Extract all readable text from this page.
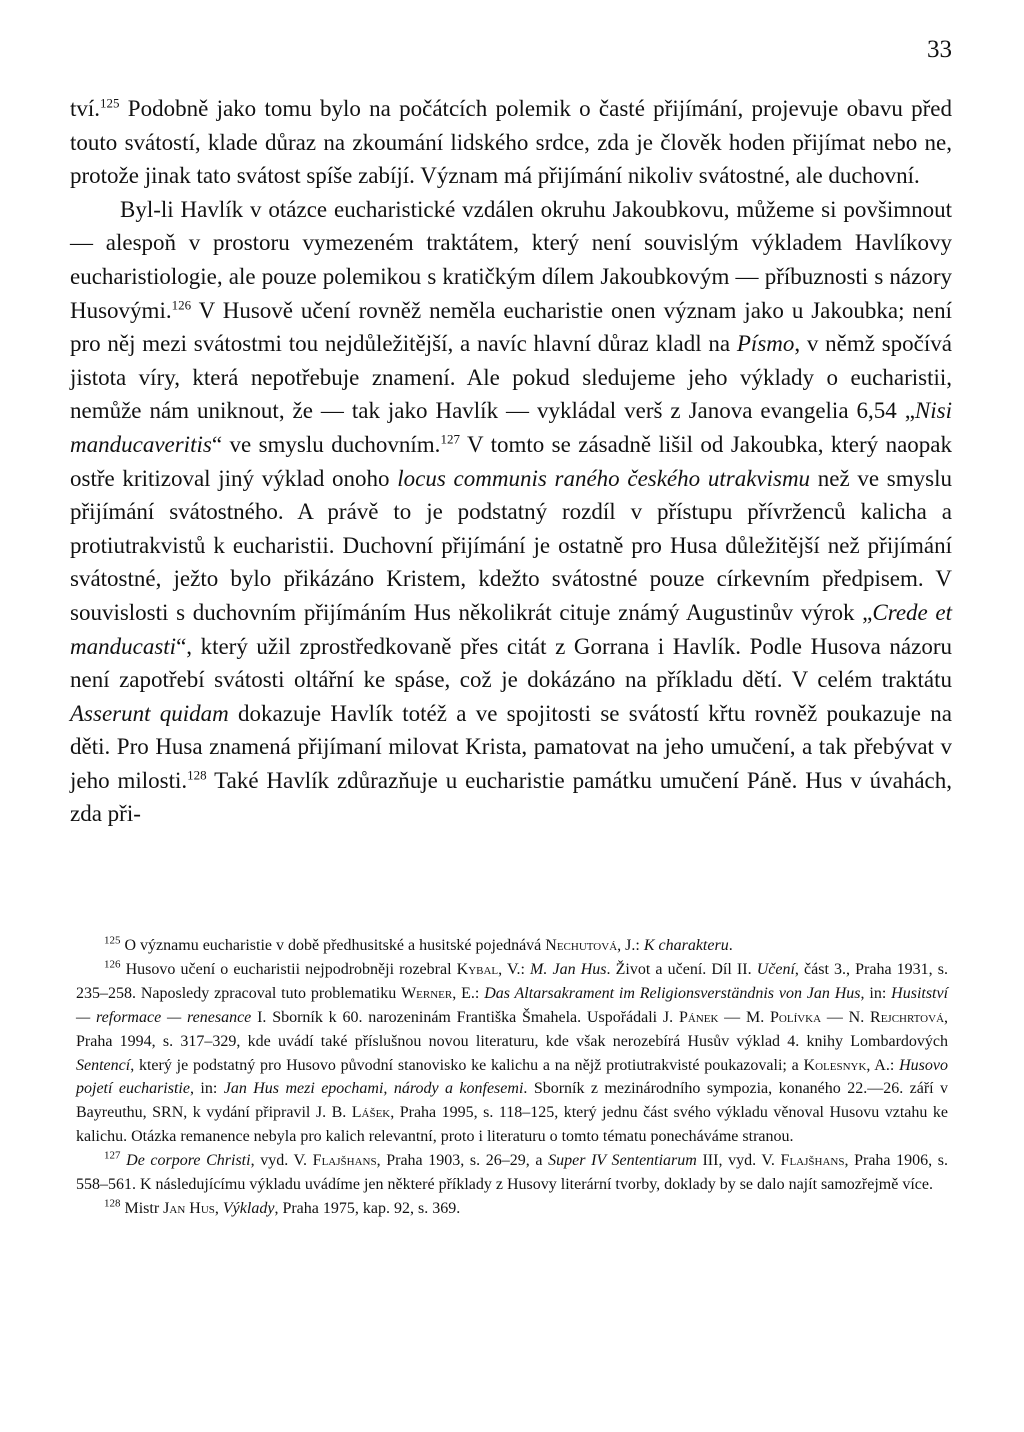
33

tví.$^{125}$ Podobně jako tomu bylo na počátcích polemik o časté přijímání, projevuje obavu před touto svátostí, klade důraz na zkoumání lidského srdce, zda je člověk hoden přijímat nebo ne, protože jinak tato svátost spíše zabíjí. Význam má přijímání nikoliv svátostné, ale duchovní.

Byl-li Havlík v otázce eucharistické vzdálen okruhu Jakoubkovu, můžeme si povšimnout — alespoň v prostoru vymezeném traktátem, který není souvislým výkladem Havlíkovy eucharistiologie, ale pouze polemikou s kratičkým dílem Jakoubkovým — příbuznosti s názory Husovými.$^{126}$ V Husově učení rovněž neměla eucharistie onen význam jako u Jakoubka; není pro něj mezi svátostmi tou nejdůležitější, a navíc hlavní důraz kladl na Písmo, v němž spočívá jistota víry, která nepotřebuje znamení. Ale pokud sledujeme jeho výklady o eucharistii, nemůže nám uniknout, že — tak jako Havlík — vykládal verš z Janova evangelia 6,54 „Nisi manducaveritis“ ve smyslu duchovním.$^{127}$ V tomto se zásadně lišil od Jakoubka, který naopak ostře kritizoval jiný výklad onoho locus communis raného českého utrakvismu než ve smyslu přijímání svátostného. A právě to je podstatný rozdíl v přístupu přívrženců kalicha a protiutrakvistů k eucharistii. Duchovní přijímání je ostatně pro Husa důležitější než přijímání svátostné, ježto bylo přikázáno Kristem, kdežto svátostné pouze církevním předpisem. V souvislosti s duchovním přijímáním Hus několikrát cituje známý Augustinův výrok „Crede et manducasti“, který užil zprostředkovaně přes citát z Gorrana i Havlík. Podle Husova názoru není zapotřebí svátosti oltářní ke spáse, což je dokázáno na příkladu dětí. V celém traktátu Asserunt quidam dokazuje Havlík totéž a ve spojitosti se svátostí křtu rovněž poukazuje na děti. Pro Husa znamená přijímaní milovat Krista, pamatovat na jeho umučení, a tak přebývat v jeho milosti.$^{128}$ Také Havlík zdůrazňuje u eucharistie památku umučení Páně. Hus v úvahách, zda při-

$^{125}$ O významu eucharistie v době předhusitské a husitské pojednává Nechutová, J.: K charakteru.

$^{126}$ Husovo učení o eucharistii nejpodrobněji rozebral Kybal, V.: M. Jan Hus. Život a učení. Díl II. Učení, část 3., Praha 1931, s. 235–258. Naposledy zpracoval tuto problematiku Werner, E.: Das Altarsakrament im Religionsverständnis von Jan Hus, in: Husitství — reformace — renesance I. Sborník k 60. narozeninám Františka Šmahela. Uspořádali J. Pánek — M. Polívka — N. Rejchrtová, Praha 1994, s. 317–329, kde uvádí také příslušnou novou literaturu, kde však nerozebírá Husův výklad 4. knihy Lombardových Sentencí, který je podstatný pro Husovo původní stanovisko ke kalichu a na nějž protiutrakvisté poukazovali; a Kolesnyk, A.: Husovo pojetí eucharistie, in: Jan Hus mezi epochami, národy a konfesemi. Sborník z mezinárodního sympozia, konaného 22.—26. září v Bayreuthu, SRN, k vydání připravil J. B. Lášek, Praha 1995, s. 118–125, který jednu část svého výkladu věnoval Husovu vztahu ke kalichu. Otázka remanence nebyla pro kalich relevantní, proto i literaturu o tomto tématu ponecháváme stranou.

$^{127}$ De corpore Christi, vyd. V. Flajšhans, Praha 1903, s. 26–29, a Super IV Sententiarum III, vyd. V. Flajšhans, Praha 1906, s. 558–561. K následujícímu výkladu uvádíme jen některé příklady z Husovy literární tvorby, doklady by se dalo najít samozřejmě více.

$^{128}$ Mistr Jan Hus, Výklady, Praha 1975, kap. 92, s. 369.
